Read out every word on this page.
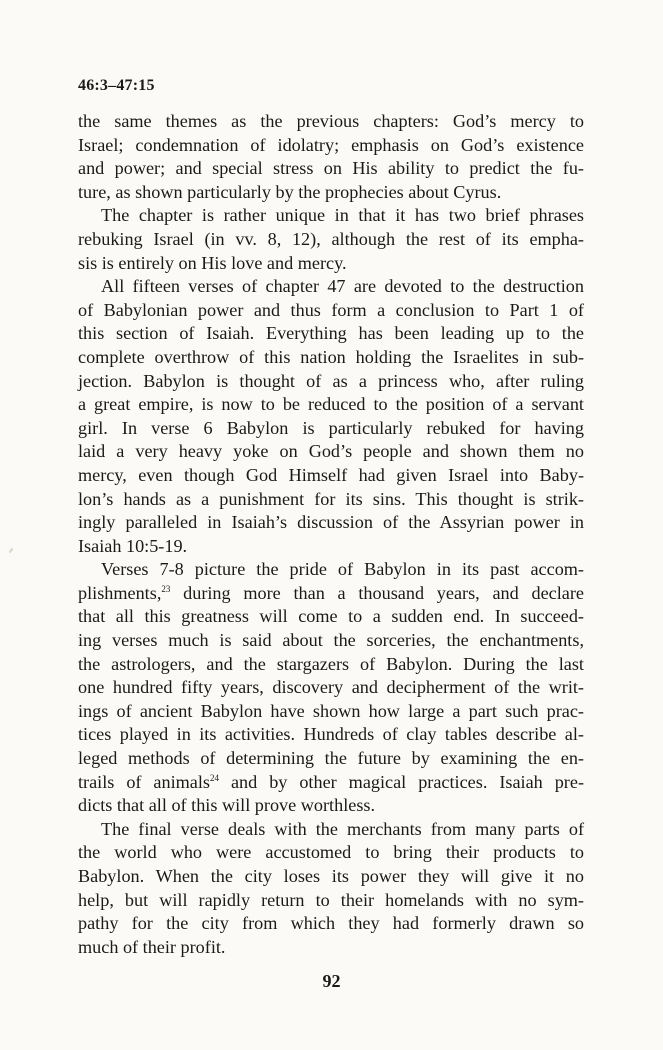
46:3–47:15
the same themes as the previous chapters: God’s mercy to
Israel; condemnation of idolatry; emphasis on God’s existence
and power; and special stress on His ability to predict the fu-
ture, as shown particularly by the prophecies about Cyrus.
The chapter is rather unique in that it has two brief phrases
rebuking Israel (in vv. 8, 12), although the rest of its empha-
sis is entirely on His love and mercy.
All fifteen verses of chapter 47 are devoted to the destruction
of Babylonian power and thus form a conclusion to Part 1 of
this section of Isaiah. Everything has been leading up to the
complete overthrow of this nation holding the Israelites in sub-
jection. Babylon is thought of as a princess who, after ruling
a great empire, is now to be reduced to the position of a servant
girl. In verse 6 Babylon is particularly rebuked for having
laid a very heavy yoke on God’s people and shown them no
mercy, even though God Himself had given Israel into Baby-
lon’s hands as a punishment for its sins. This thought is strik-
ingly paralleled in Isaiah’s discussion of the Assyrian power in
Isaiah 10:5-19.
Verses 7-8 picture the pride of Babylon in its past accom-
plishments,$^{23}$ during more than a thousand years, and declare
that all this greatness will come to a sudden end. In succeed-
ing verses much is said about the sorceries, the enchantments,
the astrologers, and the stargazers of Babylon. During the last
one hundred fifty years, discovery and decipherment of the writ-
ings of ancient Babylon have shown how large a part such prac-
tices played in its activities. Hundreds of clay tables describe al-
leged methods of determining the future by examining the en-
trails of animals$^{24}$ and by other magical practices. Isaiah pre-
dicts that all of this will prove worthless.
The final verse deals with the merchants from many parts of
the world who were accustomed to bring their products to
Babylon. When the city loses its power they will give it no
help, but will rapidly return to their homelands with no sym-
pathy for the city from which they had formerly drawn so
much of their profit.
92
